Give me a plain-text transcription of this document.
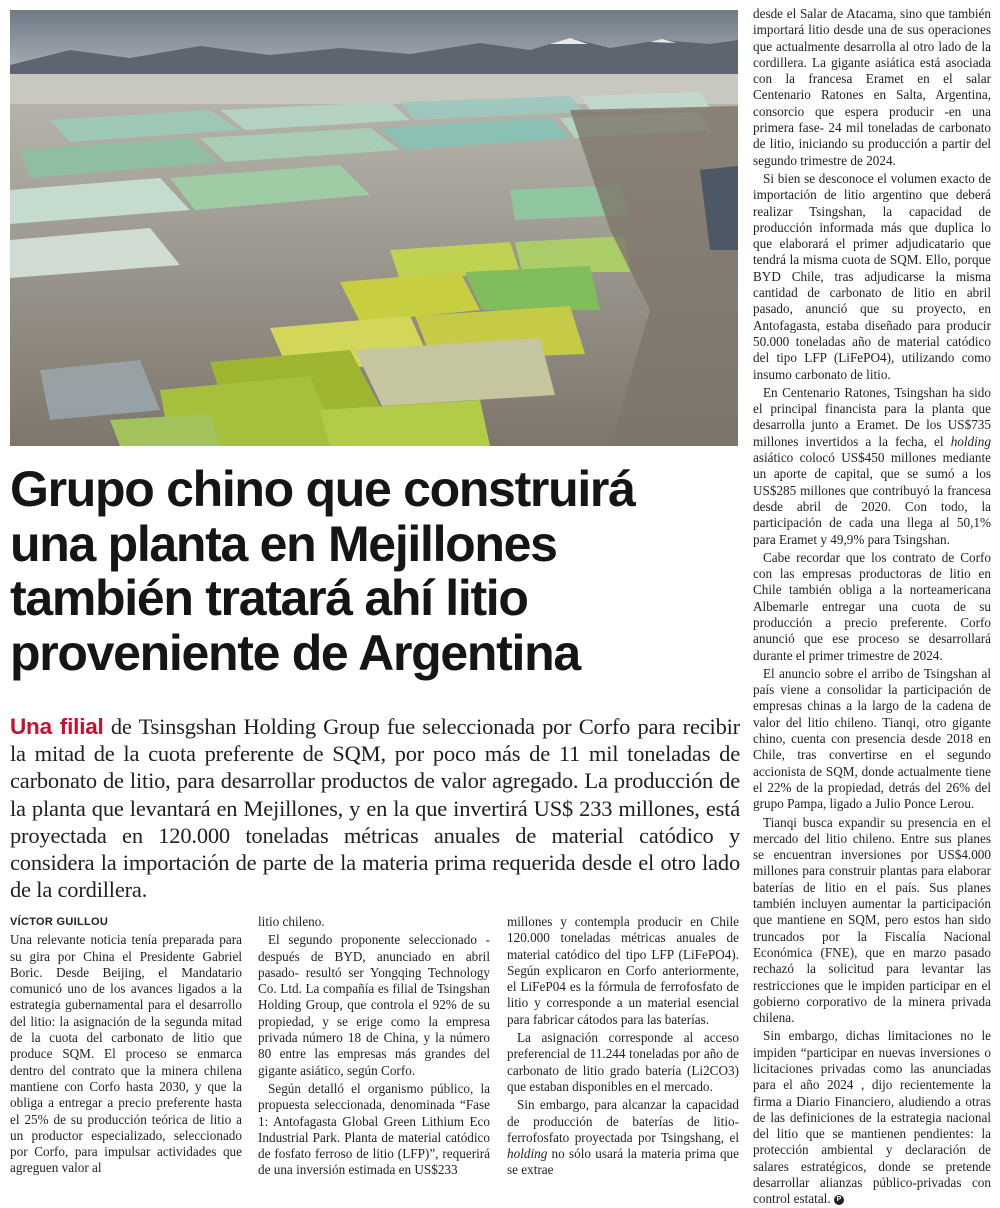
Grupo chino que construirá
una planta en Mejillones
también tratará ahí litio
proveniente de Argentina
Una filial de Tsinsgshan Holding Group fue seleccionada por Corfo para recibir la mitad de la cuota preferente de SQM, por poco más de 11 mil toneladas de carbonato de litio, para desarrollar productos de valor agregado. La producción de la planta que levantará en Mejillones, y en la que invertirá US$ 233 millones, está proyectada en 120.000 toneladas métricas anuales de material catódico y considera la importación de parte de la materia prima requerida desde el otro lado de la cordillera.
VÍCTOR GUILLOU

Una relevante noticia tenía preparada para su gira por China el Presidente Gabriel Boric. Desde Beijing, el Mandatario comunicó uno de los avances ligados a la estrategia gubernamental para el desarrollo del litio: la asignación de la segunda mitad de la cuota del carbonato de litio que produce SQM. El proceso se enmarca dentro del contrato que la minera chilena mantiene con Corfo hasta 2030, y que la obliga a entregar a precio preferente hasta el 25% de su producción teórica de litio a un productor especializado, seleccionado por Corfo, para impulsar actividades que agreguen valor al

litio chileno.

El segundo proponente seleccionado -después de BYD, anunciado en abril pasado- resultó ser Yongqing Technology Co. Ltd. La compañía es filial de Tsingshan Holding Group, que controla el 92% de su propiedad, y se erige como la empresa privada número 18 de China, y la número 80 entre las empresas más grandes del gigante asiático, según Corfo.

Según detalló el organismo público, la propuesta seleccionada, denominada “Fase 1: Antofagasta Global Green Lithium Eco Industrial Park. Planta de material catódico de fosfato ferroso de litio (LFP)”, requerirá de una inversión estimada en US$233

millones y contempla producir en Chile 120.000 toneladas métricas anuales de material catódico del tipo LFP (LiFePO4). Según explicaron en Corfo anteriormente, el LiFeP04 es la fórmula de ferrofosfato de litio y corresponde a un material esencial para fabricar cátodos para las baterías.

La asignación corresponde al acceso preferencial de 11.244 toneladas por año de carbonato de litio grado batería (Li2CO3) que estaban disponibles en el mercado.

Sin embargo, para alcanzar la capacidad de producción de baterías de litio-ferrofosfato proyectada por Tsingshang, el holding no sólo usará la materia prima que se extrae

desde el Salar de Atacama, sino que también importará litio desde una de sus operaciones que actualmente desarrolla al otro lado de la cordillera. La gigante asiática está asociada con la francesa Eramet en el salar Centenario Ratones en Salta, Argentina, consorcio que espera producir -en una primera fase- 24 mil toneladas de carbonato de litio, iniciando su producción a partir del segundo trimestre de 2024.

Si bien se desconoce el volumen exacto de importación de litio argentino que deberá realizar Tsingshan, la capacidad de producción informada más que duplica lo que elaborará el primer adjudicatario que tendrá la misma cuota de SQM. Ello, porque BYD Chile, tras adjudicarse la misma cantidad de carbonato de litio en abril pasado, anunció que su proyecto, en Antofagasta, estaba diseñado para producir 50.000 toneladas año de material catódico del tipo LFP (LiFePO4), utilizando como insumo carbonato de litio.

En Centenario Ratones, Tsingshan ha sido el principal financista para la planta que desarrolla junto a Eramet. De los US$735 millones invertidos a la fecha, el holding asiático colocó US$450 millones mediante un aporte de capital, que se sumó a los US$285 millones que contribuyó la francesa desde abril de 2020. Con todo, la participación de cada una llega al 50,1% para Eramet y 49,9% para Tsingshan.

Cabe recordar que los contrato de Corfo con las empresas productoras de litio en Chile también obliga a la norteamericana Albemarle entregar una cuota de su producción a precio preferente. Corfo anunció que ese proceso se desarrollará durante el primer trimestre de 2024.

El anuncio sobre el arribo de Tsingshan al país viene a consolidar la participación de empresas chinas a la largo de la cadena de valor del litio chileno. Tianqi, otro gigante chino, cuenta con presencia desde 2018 en Chile, tras convertirse en el segundo accionista de SQM, donde actualmente tiene el 22% de la propiedad, detrás del 26% del grupo Pampa, ligado a Julio Ponce Lerou.

Tianqi busca expandir su presencia en el mercado del litio chileno. Entre sus planes se encuentran inversiones por US$4.000 millones para construir plantas para elaborar baterías de litio en el país. Sus planes también incluyen aumentar la participación que mantiene en SQM, pero estos han sido truncados por la Fiscalía Nacional Económica (FNE), que en marzo pasado rechazó la solicitud para levantar las restricciones que le impiden participar en el gobierno corporativo de la minera privada chilena.

Sin embargo, dichas limitaciones no le impiden “participar en nuevas inversiones o licitaciones privadas como las anunciadas para el año 2024 , dijo recientemente la firma a Diario Financiero, aludiendo a otras de las definiciones de la estrategia nacional del litio que se mantienen pendientes: la protección ambiental y declaración de salares estratégicos, donde se pretende desarrollar alianzas público-privadas con control estatal. P
